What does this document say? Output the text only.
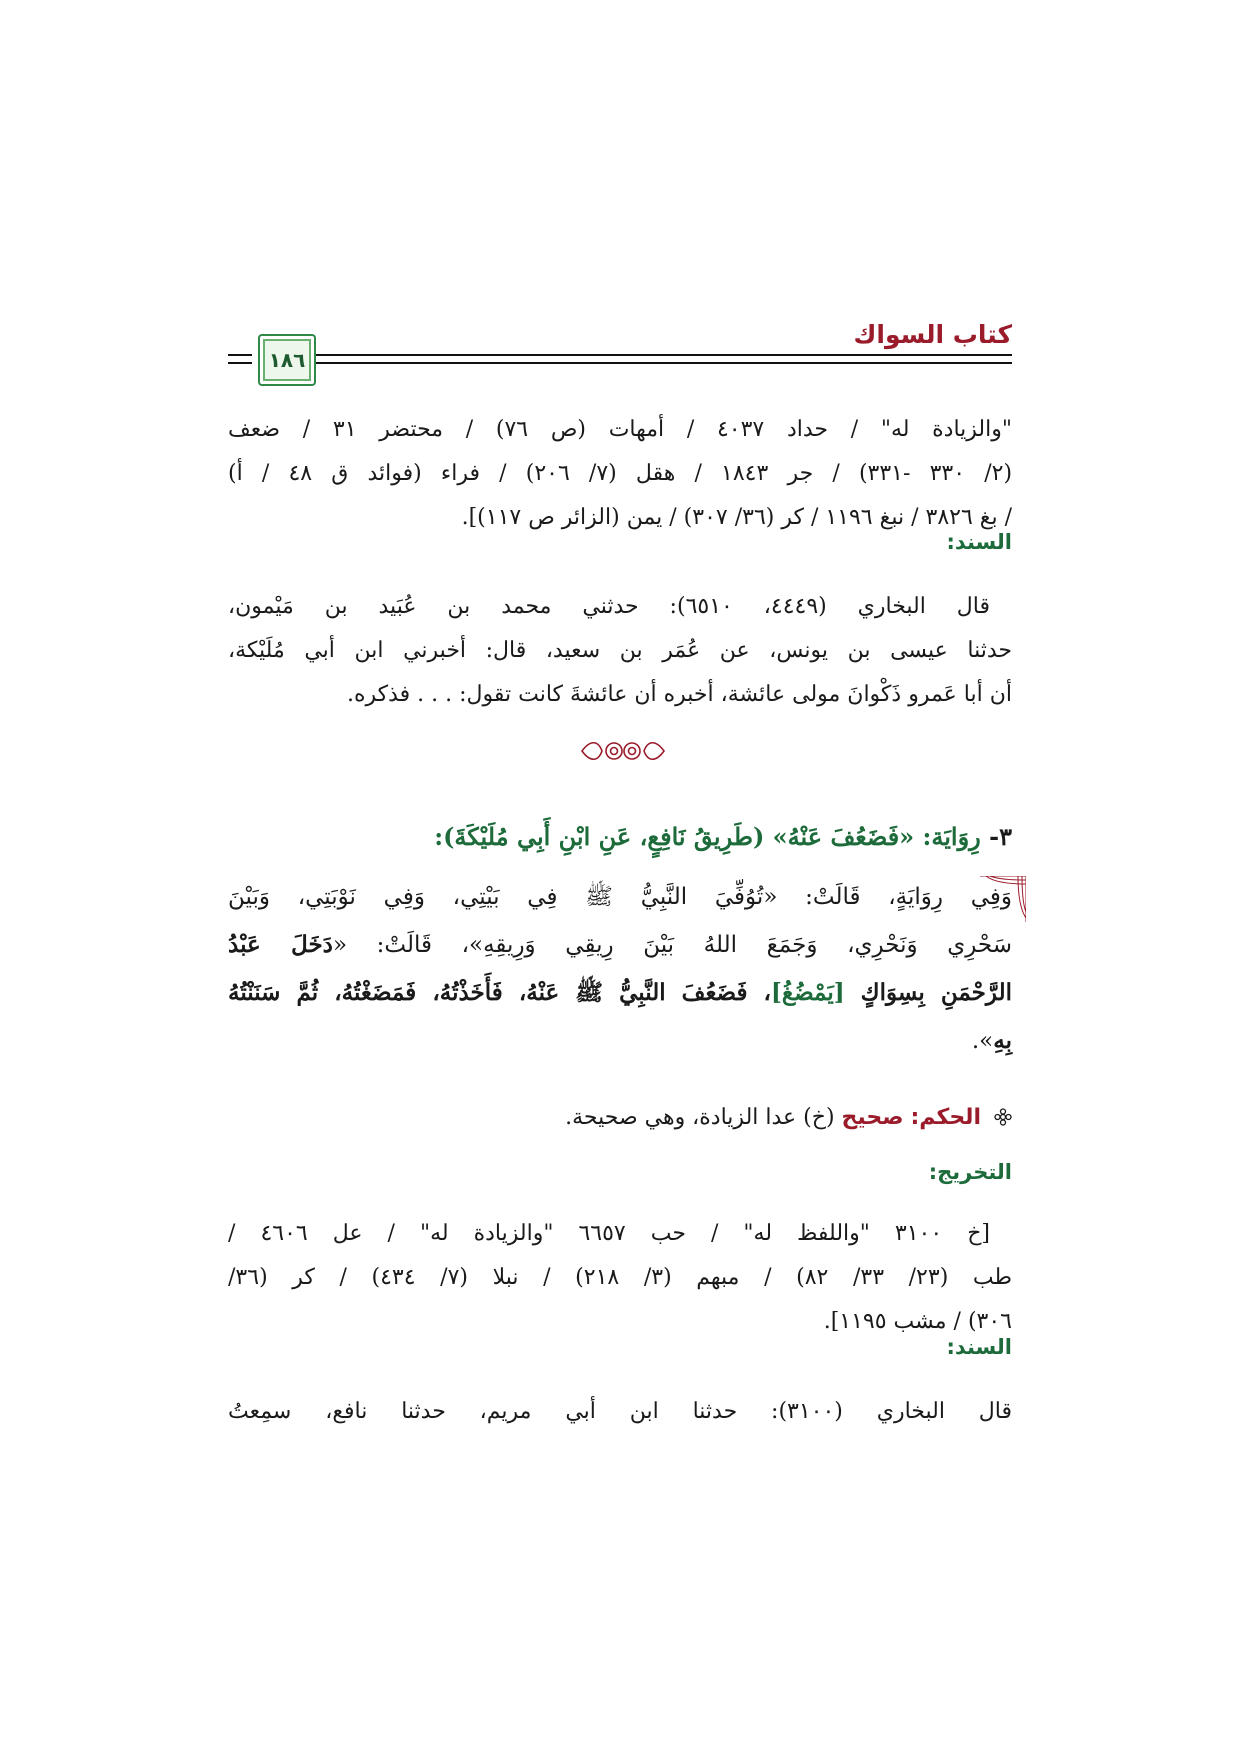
كتاب السواك
١٨٦
"والزيادة له" / حداد ٤٠٣٧ / أمهات (ص ٧٦) / محتضر ٣١ / ضعف
(٢/ ٣٣٠ -٣٣١) / جر ١٨٤٣ / هقل (٧/ ٢٠٦) / فراء (فوائد ق ٤٨ / أ)
/ بغ ٣٨٢٦ / نبغ ١١٩٦ / كر (٣٦/ ٣٠٧) / يمن (الزائر ص ١١٧)].
السند:
قال البخاري (٤٤٤٩، ٦٥١٠): حدثني محمد بن عُبَيد بن مَيْمون،
حدثنا عيسى بن يونس، عن عُمَر بن سعيد، قال: أخبرني ابن أبي مُلَيْكة،
أن أبا عَمرو ذَكْوانَ مولى عائشة، أخبره أن عائشةَ كانت تقول: . . . فذكره.
٣- رِوَايَة: «فَضَعُفَ عَنْهُ» (طَرِيقُ نَافِعٍ، عَنِ ابْنِ أَبِي مُلَيْكَةَ):
وَفِي رِوَايَةٍ، قَالَتْ: «تُوُفِّيَ النَّبِيُّ ﷺ فِي بَيْتِي، وَفِي نَوْبَتِي، وَبَيْنَ
سَحْرِي وَنَحْرِي، وَجَمَعَ اللهُ بَيْنَ رِيقِي وَرِيقِهِ»، قَالَتْ: «دَخَلَ عَبْدُ
الرَّحْمَنِ بِسِوَاكٍ [يَمْضُغُ]، فَضَعُفَ النَّبِيُّ ﷺ عَنْهُ، فَأَخَذْتُهُ، فَمَضَغْتُهُ، ثُمَّ سَنَنْتُهُ
بِهِ».
الحكم: صحيح (خ) عدا الزيادة، وهي صحيحة.
التخريج:
[خ ٣١٠٠ "واللفظ له" / حب ٦٦٥٧ "والزيادة له" / عل ٤٦٠٦ /
طب (٢٣/ ٣٣/ ٨٢) / مبهم (٣/ ٢١٨) / نبلا (٧/ ٤٣٤) / كر (٣٦/
٣٠٦) / مشب ١١٩٥].
السند:
قال البخاري (٣١٠٠): حدثنا ابن أبي مريم، حدثنا نافع، سمِعتُ
